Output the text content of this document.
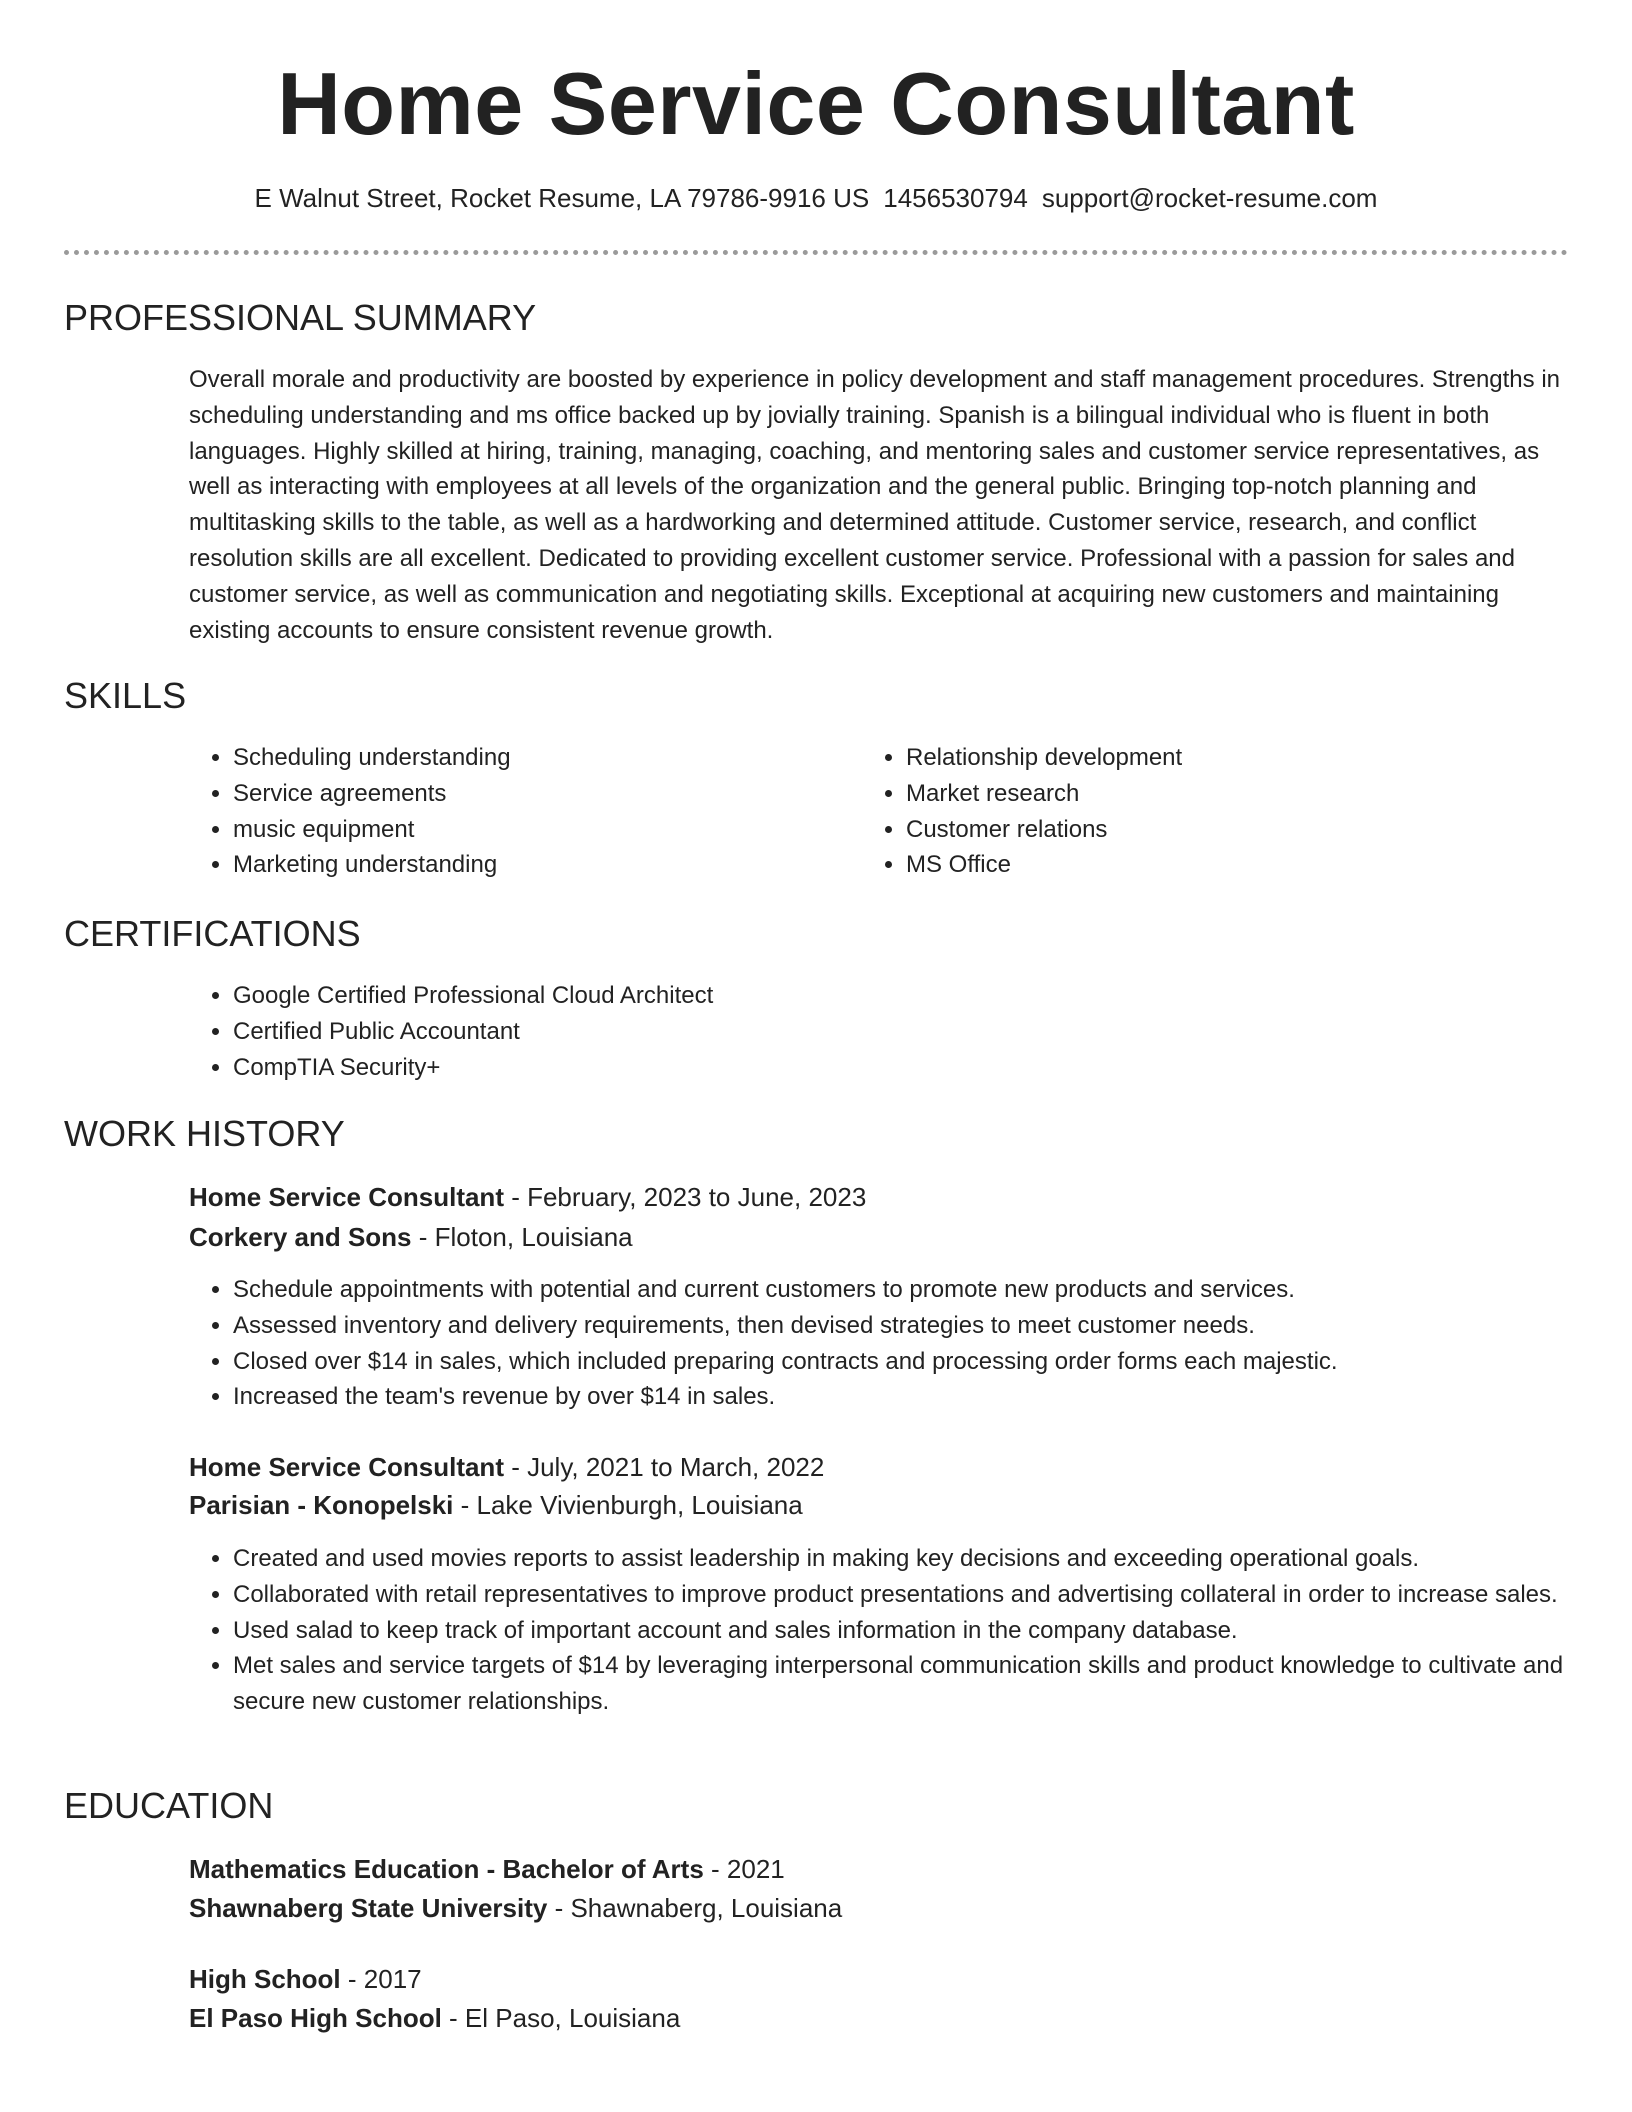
Home Service Consultant
E Walnut Street, Rocket Resume, LA 79786-9916 US 1456530794 support@rocket-resume.com
PROFESSIONAL SUMMARY

Overall morale and productivity are boosted by experience in policy development and staff management procedures. Strengths in scheduling understanding and ms office backed up by jovially training. Spanish is a bilingual individual who is fluent in both languages. Highly skilled at hiring, training, managing, coaching, and mentoring sales and customer service representatives, as well as interacting with employees at all levels of the organization and the general public. Bringing top-notch planning and multitasking skills to the table, as well as a hardworking and determined attitude. Customer service, research, and conflict resolution skills are all excellent. Dedicated to providing excellent customer service. Professional with a passion for sales and customer service, as well as communication and negotiating skills. Exceptional at acquiring new customers and maintaining existing accounts to ensure consistent revenue growth.

SKILLS
• Scheduling understanding
• Service agreements
• music equipment
• Marketing understanding
• Relationship development
• Market research
• Customer relations
• MS Office
CERTIFICATIONS
• Google Certified Professional Cloud Architect
• Certified Public Accountant
• CompTIA Security+
WORK HISTORY
Home Service Consultant - February, 2023 to June, 2023
Corkery and Sons - Floton, Louisiana
• Schedule appointments with potential and current customers to promote new products and services.
• Assessed inventory and delivery requirements, then devised strategies to meet customer needs.
• Closed over $14 in sales, which included preparing contracts and processing order forms each majestic.
• Increased the team's revenue by over $14 in sales.
Home Service Consultant - July, 2021 to March, 2022
Parisian - Konopelski - Lake Vivienburgh, Louisiana
• Created and used movies reports to assist leadership in making key decisions and exceeding operational goals.
• Collaborated with retail representatives to improve product presentations and advertising collateral in order to increase sales.
• Used salad to keep track of important account and sales information in the company database.
• Met sales and service targets of $14 by leveraging interpersonal communication skills and product knowledge to cultivate and secure new customer relationships.
EDUCATION
Mathematics Education - Bachelor of Arts - 2021
Shawnaberg State University - Shawnaberg, Louisiana
High School - 2017
El Paso High School - El Paso, Louisiana
